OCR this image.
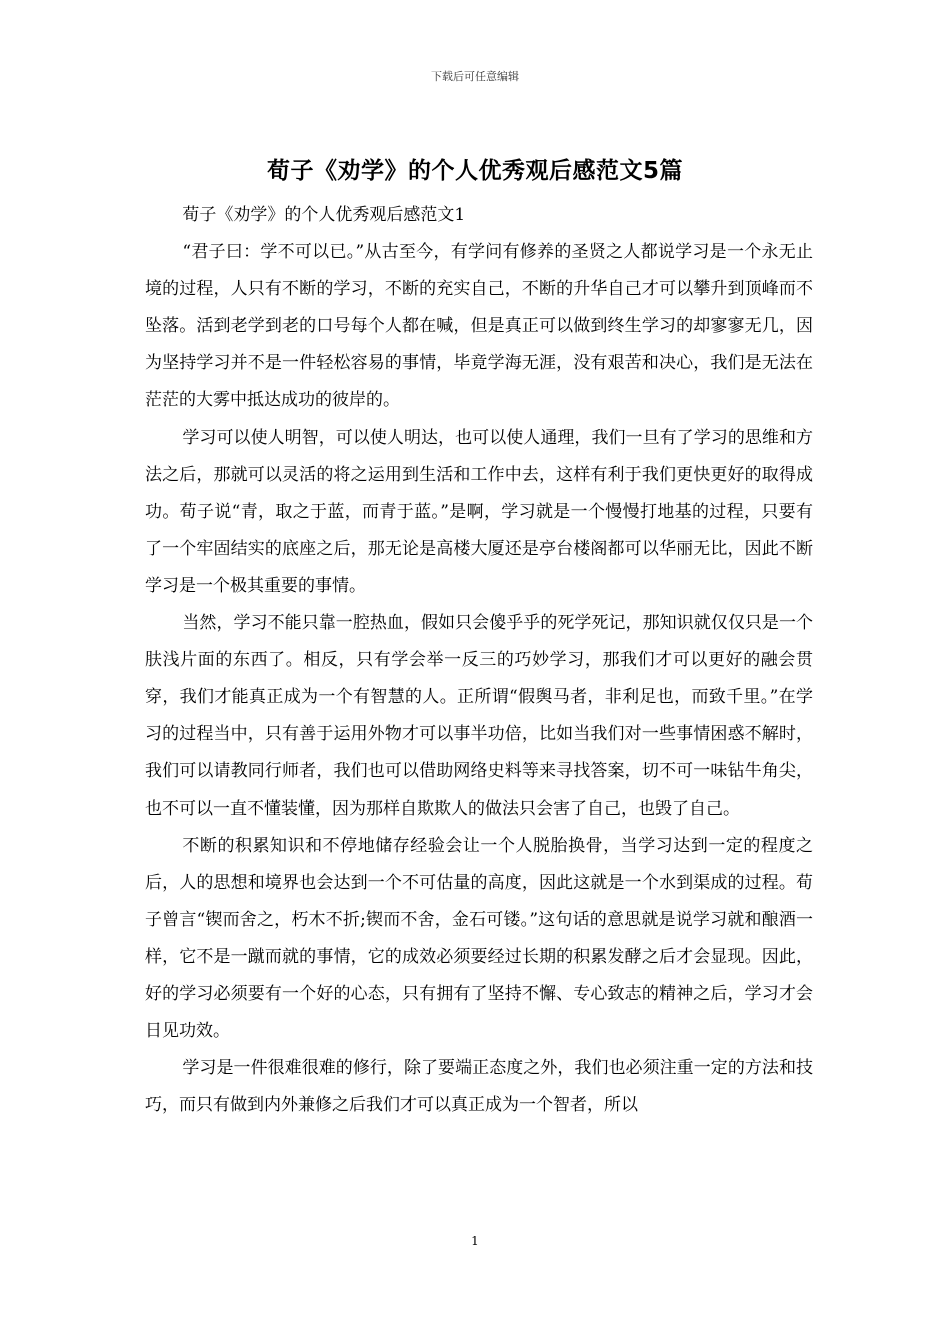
下载后可任意编辑
荀子《劝学》的个人优秀观后感范文5篇

荀子《劝学》的个人优秀观后感范文1

“君子曰：学不可以已。”从古至今，有学问有修养的圣贤之人都说学习是一个永无止境的过程，人只有不断的学习，不断的充实自己，不断的升华自己才可以攀升到顶峰而不坠落。活到老学到老的口号每个人都在喊，但是真正可以做到终生学习的却寥寥无几，因为坚持学习并不是一件轻松容易的事情，毕竟学海无涯，没有艰苦和决心，我们是无法在茫茫的大雾中抵达成功的彼岸的。

学习可以使人明智，可以使人明达，也可以使人通理，我们一旦有了学习的思维和方法之后，那就可以灵活的将之运用到生活和工作中去，这样有利于我们更快更好的取得成功。荀子说“青，取之于蓝，而青于蓝。”是啊，学习就是一个慢慢打地基的过程，只要有了一个牢固结实的底座之后，那无论是高楼大厦还是亭台楼阁都可以华丽无比，因此不断学习是一个极其重要的事情。

当然，学习不能只靠一腔热血，假如只会傻乎乎的死学死记，那知识就仅仅只是一个肤浅片面的东西了。相反，只有学会举一反三的巧妙学习，那我们才可以更好的融会贯穿，我们才能真正成为一个有智慧的人。正所谓“假舆马者，非利足也，而致千里。”在学习的过程当中，只有善于运用外物才可以事半功倍，比如当我们对一些事情困惑不解时，我们可以请教同行师者，我们也可以借助网络史料等来寻找答案，切不可一味钻牛角尖，也不可以一直不懂装懂，因为那样自欺欺人的做法只会害了自己，也毁了自己。

不断的积累知识和不停地储存经验会让一个人脱胎换骨，当学习达到一定的程度之后，人的思想和境界也会达到一个不可估量的高度，因此这就是一个水到渠成的过程。荀子曾言“锲而舍之，朽木不折;锲而不舍，金石可镂。”这句话的意思就是说学习就和酿酒一样，它不是一蹴而就的事情，它的成效必须要经过长期的积累发酵之后才会显现。因此，好的学习必须要有一个好的心态，只有拥有了坚持不懈、专心致志的精神之后，学习才会日见功效。

学习是一件很难很难的修行，除了要端正态度之外，我们也必须注重一定的方法和技巧，而只有做到内外兼修之后我们才可以真正成为一个智者，所以

1
